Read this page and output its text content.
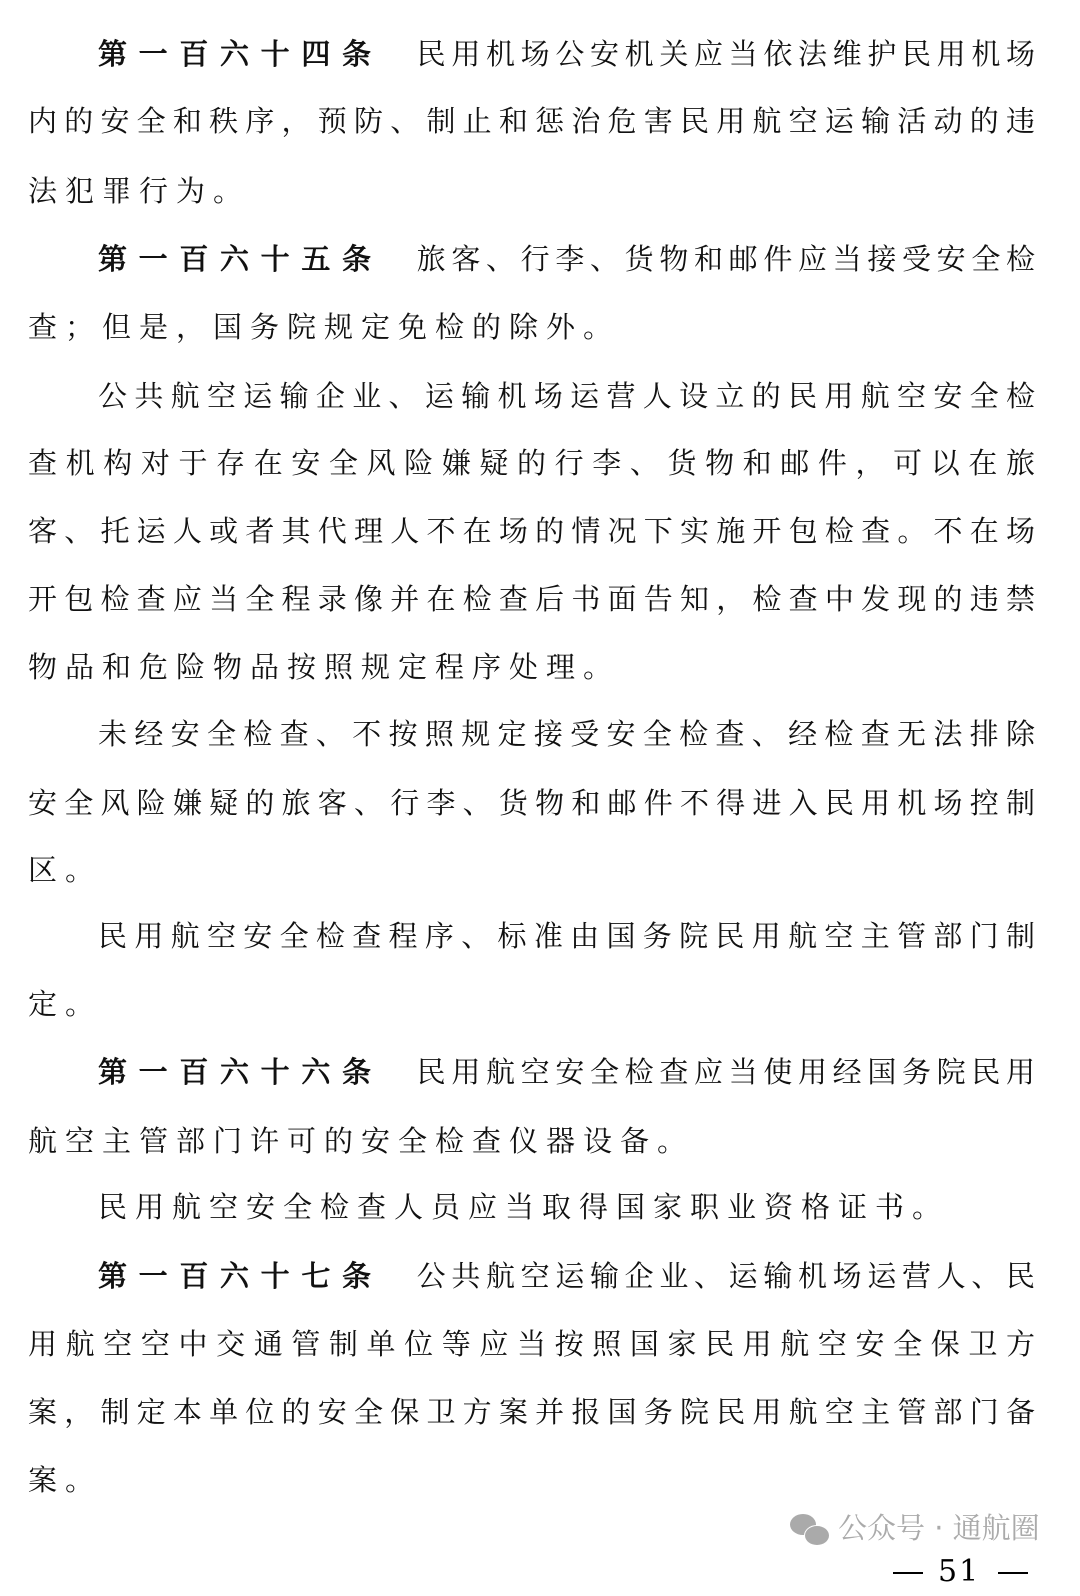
第一百六十四条 民用机场公安机关应当依法维护民用机场
内的安全和秩序，预防、制止和惩治危害民用航空运输活动的违
法犯罪行为。
第一百六十五条 旅客、行李、货物和邮件应当接受安全检
查；但是，国务院规定免检的除外。
公共航空运输企业、运输机场运营人设立的民用航空安全检
查机构对于存在安全风险嫌疑的行李、货物和邮件，可以在旅
客、托运人或者其代理人不在场的情况下实施开包检查。不在场
开包检查应当全程录像并在检查后书面告知，检查中发现的违禁
物品和危险物品按照规定程序处理。
未经安全检查、不按照规定接受安全检查、经检查无法排除
安全风险嫌疑的旅客、行李、货物和邮件不得进入民用机场控制
区。
民用航空安全检查程序、标准由国务院民用航空主管部门制
定。
第一百六十六条 民用航空安全检查应当使用经国务院民用
航空主管部门许可的安全检查仪器设备。
民用航空安全检查人员应当取得国家职业资格证书。
第一百六十七条 公共航空运输企业、运输机场运营人、民
用航空空中交通管制单位等应当按照国家民用航空安全保卫方
案，制定本单位的安全保卫方案并报国务院民用航空主管部门备
案。
公众号 · 通航圈
51
